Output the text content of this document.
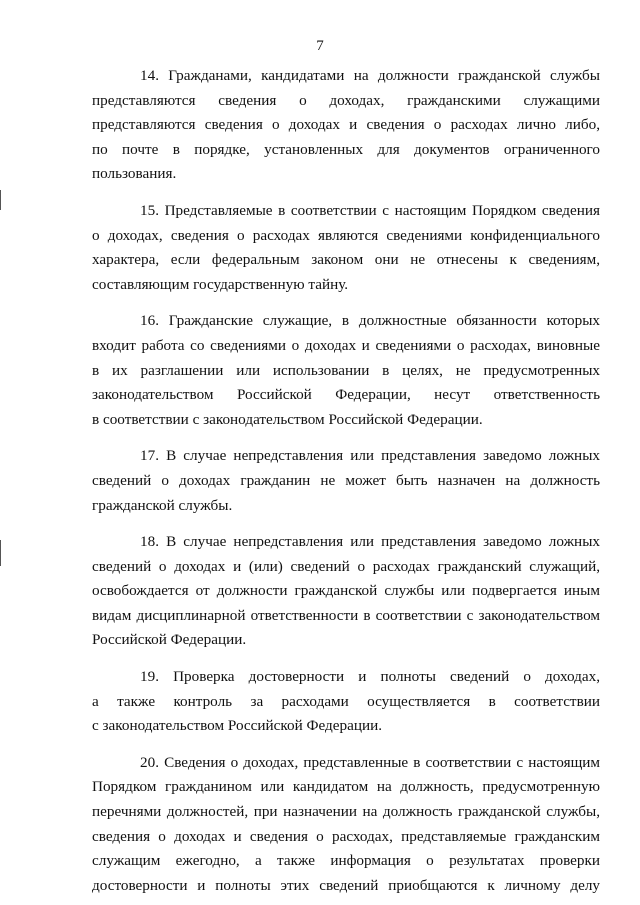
7

14. Гражданами, кандидатами на должности гражданской службы
представляются сведения о доходах, гражданскими служащими
представляются сведения о доходах и сведения о расходах лично либо,
по почте в порядке, установленных для документов ограниченного
пользования.

15. Представляемые в соответствии с настоящим Порядком сведения
о доходах, сведения о расходах являются сведениями конфиденциального
характера, если федеральным законом они не отнесены к сведениям,
составляющим государственную тайну.

16. Гражданские служащие, в должностные обязанности которых
входит работа со сведениями о доходах и сведениями о расходах, виновные
в их разглашении или использовании в целях, не предусмотренных
законодательством Российской Федерации, несут ответственность
в соответствии с законодательством Российской Федерации.

17. В случае непредставления или представления заведомо ложных
сведений о доходах гражданин не может быть назначен на должность
гражданской службы.

18. В случае непредставления или представления заведомо ложных
сведений о доходах и (или) сведений о расходах гражданский служащий,
освобождается от должности гражданской службы или подвергается иным
видам дисциплинарной ответственности в соответствии с законодательством
Российской Федерации.

19. Проверка достоверности и полноты сведений о доходах,
а также контроль за расходами осуществляется в соответствии
с законодательством Российской Федерации.

20. Сведения о доходах, представленные в соответствии с настоящим
Порядком гражданином или кандидатом на должность, предусмотренную
перечнями должностей, при назначении на должность гражданской службы,
сведения о доходах и сведения о расходах, представляемые гражданским
служащим ежегодно, а также информация о результатах проверки
достоверности и полноты этих сведений приобщаются к личному делу
